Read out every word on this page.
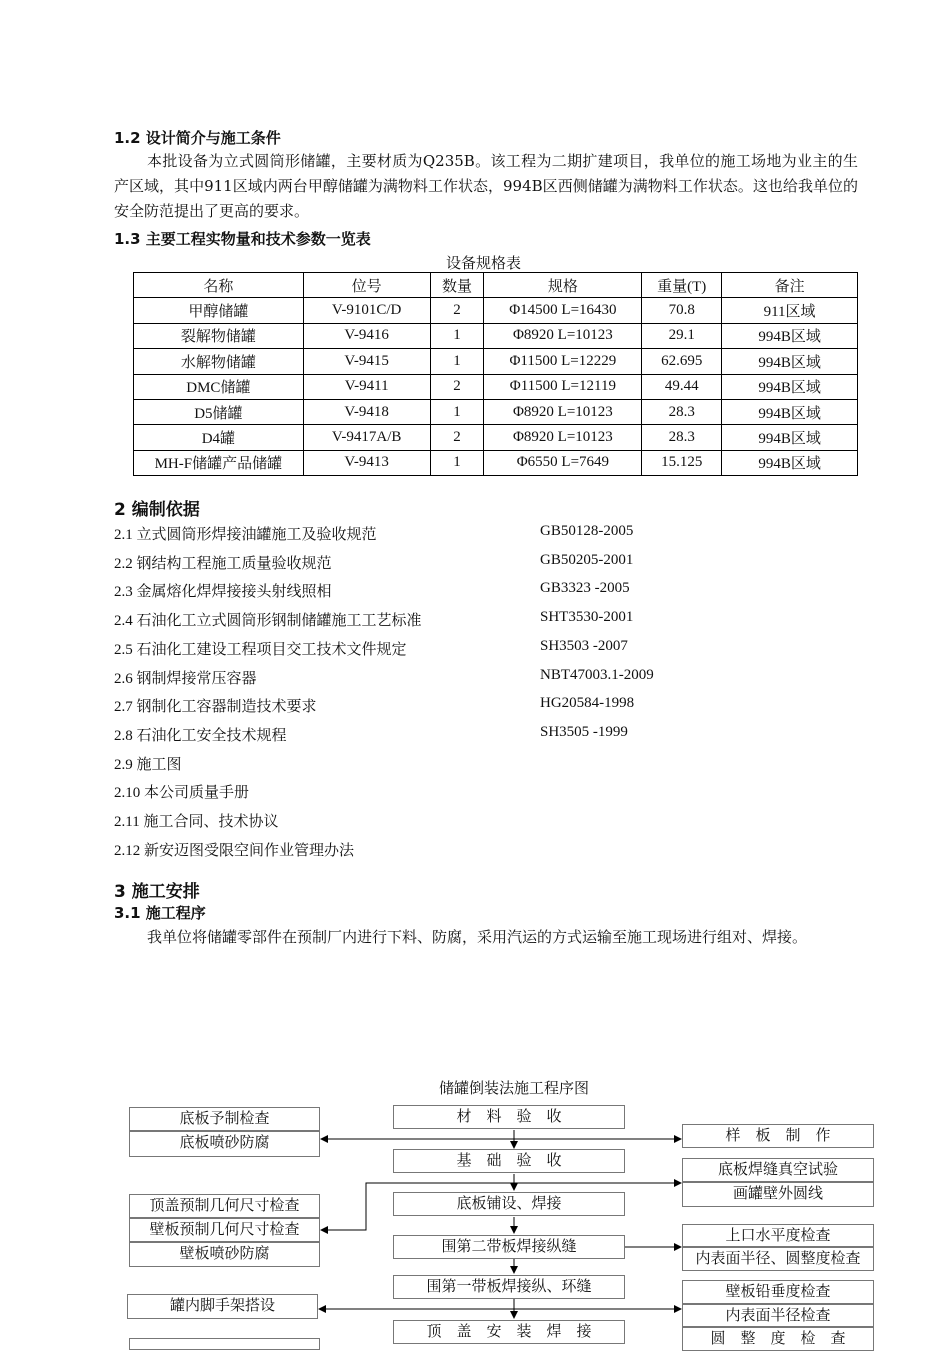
1.2 设计简介与施工条件
本批设备为立式圆筒形储罐，主要材质为Q235B。该工程为二期扩建项目，我单位的施工场地为业主的生产区域，其中911区域内两台甲醇储罐为满物料工作状态，994B区西侧储罐为满物料工作状态。这也给我单位的安全防范提出了更高的要求。
1.3 主要工程实物量和技术参数一览表
设备规格表
名称	位号	数量	规格	重量(T)	备注
甲醇储罐	V-9101C/D	2	Φ14500 L=16430	70.8	911区域
裂解物储罐	V-9416	1	Φ8920 L=10123	29.1	994B区域
水解物储罐	V-9415	1	Φ11500 L=12229	62.695	994B区域
DMC储罐	V-9411	2	Φ11500 L=12119	49.44	994B区域
D5储罐	V-9418	1	Φ8920 L=10123	28.3	994B区域
D4罐	V-9417A/B	2	Φ8920 L=10123	28.3	994B区域
MH-F储罐产品储罐	V-9413	1	Φ6550 L=7649	15.125	994B区域
2 编制依据
2.1 立式圆筒形焊接油罐施工及验收规范	GB50128-2005
2.2 钢结构工程施工质量验收规范	GB50205-2001
2.3 金属熔化焊焊接接头射线照相	GB3323 -2005
2.4 石油化工立式圆筒形钢制储罐施工工艺标准	SHT3530-2001
2.5 石油化工建设工程项目交工技术文件规定	SH3503 -2007
2.6 钢制焊接常压容器	NBT47003.1-2009
2.7 钢制化工容器制造技术要求	HG20584-1998
2.8 石油化工安全技术规程	SH3505 -1999
2.9 施工图
2.10 本公司质量手册
2.11 施工合同、技术协议
2.12 新安迈图受限空间作业管理办法
3 施工安排
3.1 施工程序
我单位将储罐零部件在预制厂内进行下料、防腐，采用汽运的方式运输至施工现场进行组对、焊接。
储罐倒装法施工程序图
材　料　验　收
基　础　验　收
底板铺设、焊接
围第二带板焊接纵缝
围第一带板焊接纵、环缝
顶　盖　安　装　焊　接
底板予制检查
底板喷砂防腐
顶盖预制几何尺寸检查
壁板预制几何尺寸检查
壁板喷砂防腐
罐内脚手架搭设
样　板　制　作
底板焊缝真空试验
画罐壁外圆线
上口水平度检查
内表面半径、圆整度检查
壁板铅垂度检查
内表面半径检查
圆　整　度　检　查
